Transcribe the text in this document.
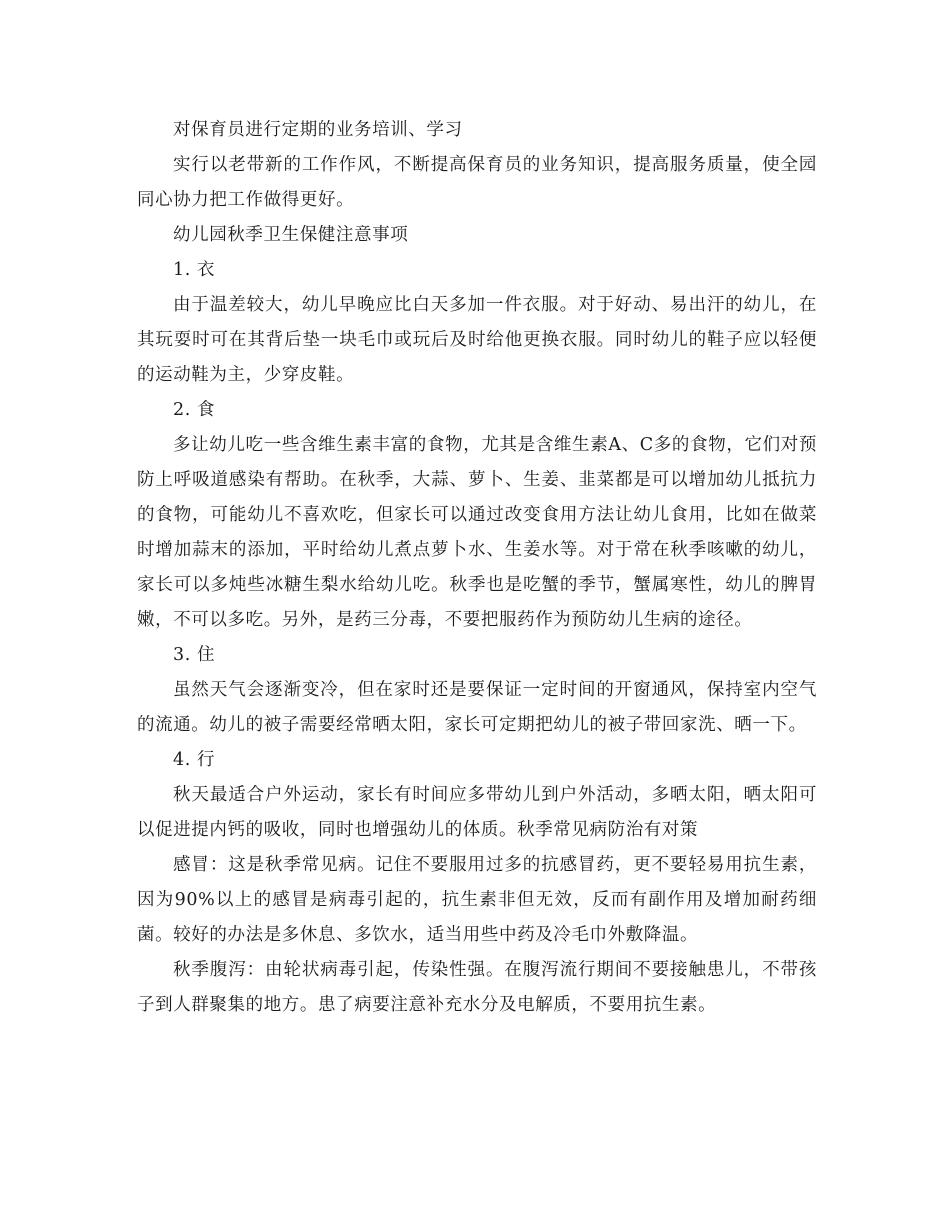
对保育员进行定期的业务培训、学习

实行以老带新的工作作风，不断提高保育员的业务知识，提高服务质量，使全园同心协力把工作做得更好。

幼儿园秋季卫生保健注意事项

1. 衣

由于温差较大，幼儿早晚应比白天多加一件衣服。对于好动、易出汗的幼儿，在其玩耍时可在其背后垫一块毛巾或玩后及时给他更换衣服。同时幼儿的鞋子应以轻便的运动鞋为主，少穿皮鞋。

2. 食

多让幼儿吃一些含维生素丰富的食物，尤其是含维生素A、C多的食物，它们对预防上呼吸道感染有帮助。在秋季，大蒜、萝卜、生姜、韭菜都是可以增加幼儿抵抗力的食物，可能幼儿不喜欢吃，但家长可以通过改变食用方法让幼儿食用，比如在做菜时增加蒜末的添加，平时给幼儿煮点萝卜水、生姜水等。对于常在秋季咳嗽的幼儿，家长可以多炖些冰糖生梨水给幼儿吃。秋季也是吃蟹的季节，蟹属寒性，幼儿的脾胃嫩，不可以多吃。另外，是药三分毒，不要把服药作为预防幼儿生病的途径。

3. 住

虽然天气会逐渐变冷，但在家时还是要保证一定时间的开窗通风，保持室内空气的流通。幼儿的被子需要经常晒太阳，家长可定期把幼儿的被子带回家洗、晒一下。

4. 行

秋天最适合户外运动，家长有时间应多带幼儿到户外活动，多晒太阳，晒太阳可以促进提内钙的吸收，同时也增强幼儿的体质。秋季常见病防治有对策

感冒：这是秋季常见病。记住不要服用过多的抗感冒药，更不要轻易用抗生素，因为90%以上的感冒是病毒引起的，抗生素非但无效，反而有副作用及增加耐药细菌。较好的办法是多休息、多饮水，适当用些中药及冷毛巾外敷降温。

秋季腹泻：由轮状病毒引起，传染性强。在腹泻流行期间不要接触患儿，不带孩子到人群聚集的地方。患了病要注意补充水分及电解质，不要用抗生素。
